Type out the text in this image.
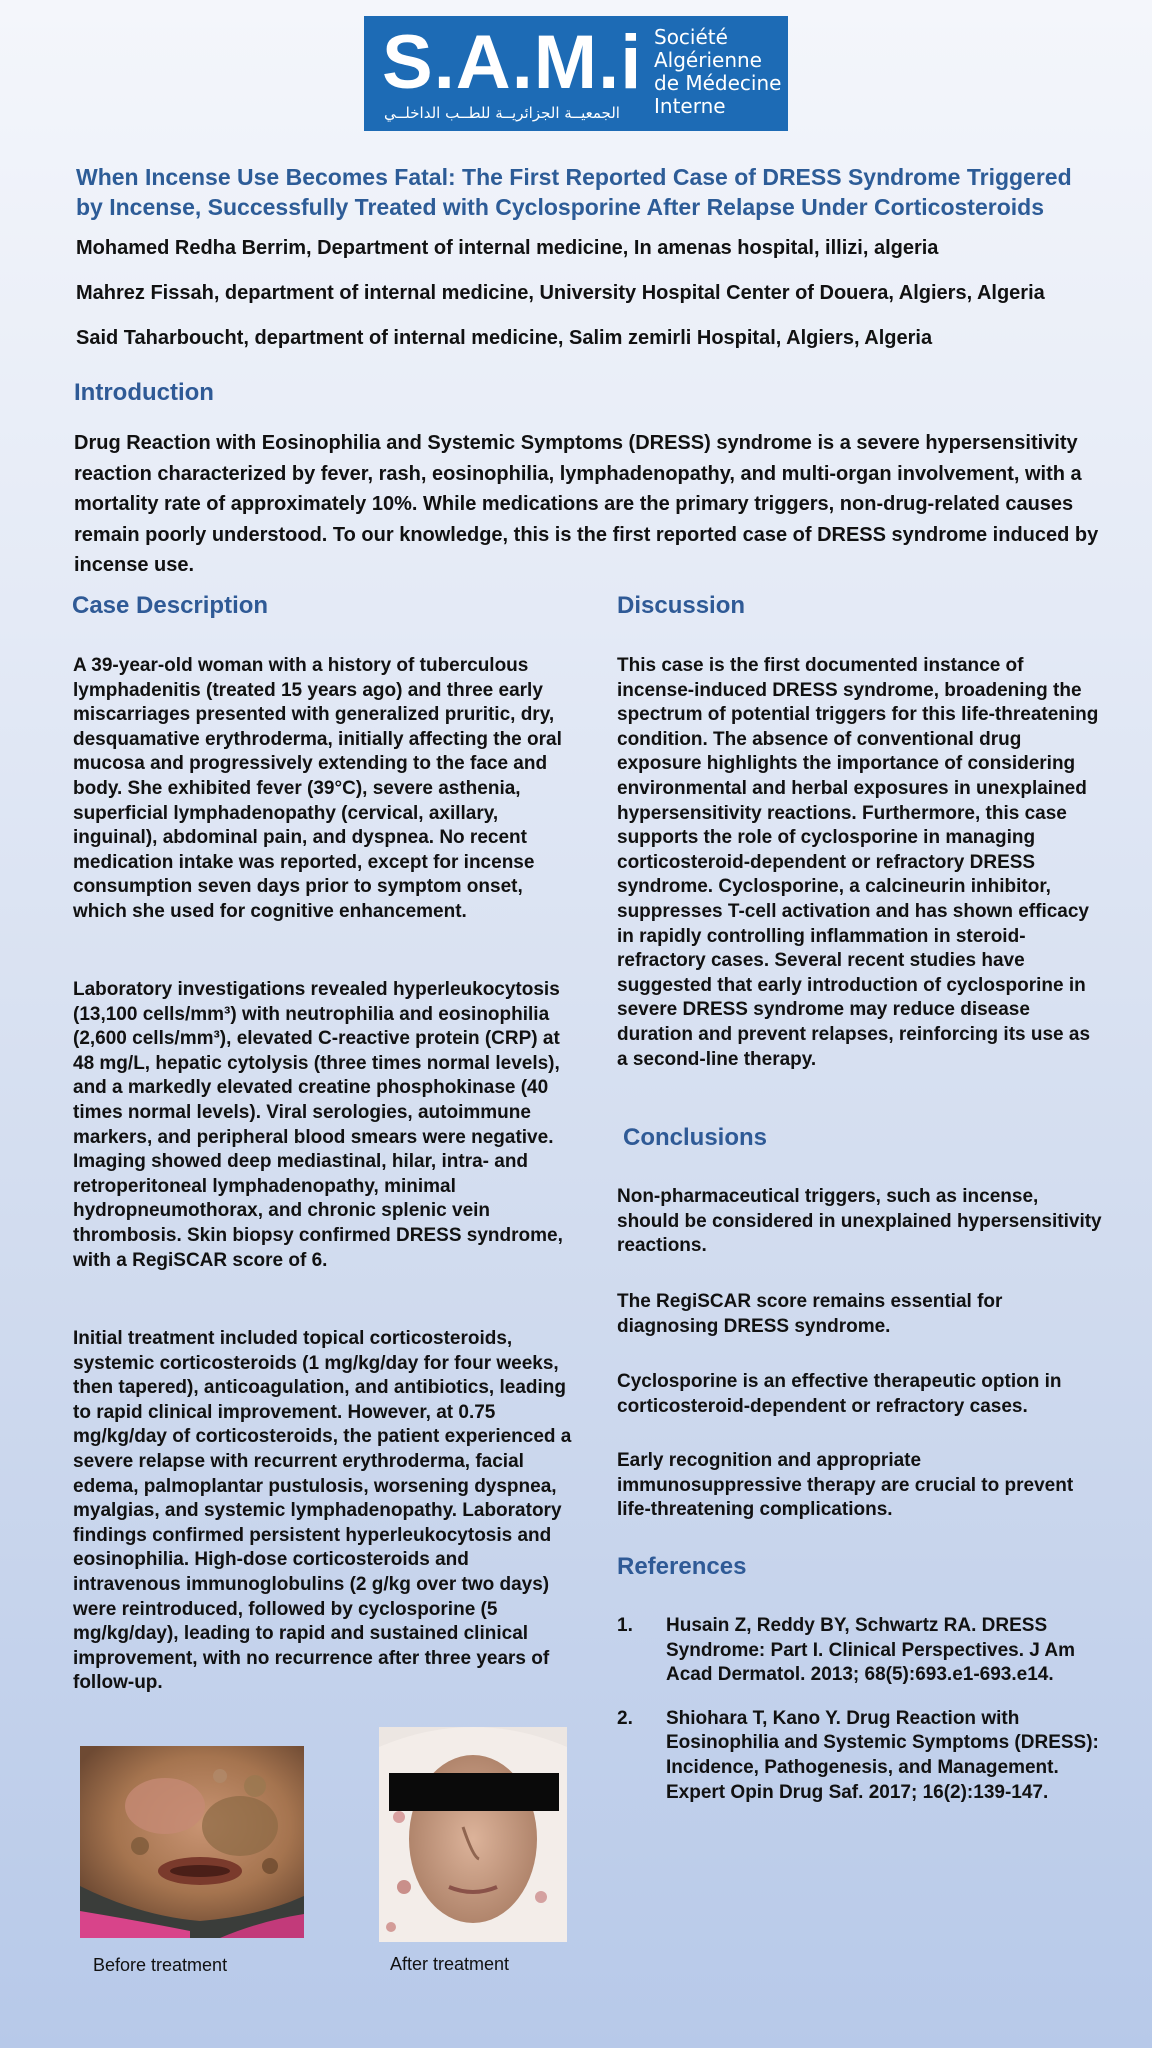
S.A.M.i
الجمعيــة الجزائريــة للطــب الداخلــي
Société
Algérienne
de Médecine
Interne
When Incense Use Becomes Fatal: The First Reported Case of DRESS Syndrome Triggered by Incense, Successfully Treated with Cyclosporine After Relapse Under Corticosteroids

Mohamed Redha Berrim, Department of internal medicine, In amenas hospital, illizi, algeria

Mahrez Fissah, department of internal medicine, University Hospital Center of Douera, Algiers, Algeria

Said Taharboucht, department of internal medicine, Salim zemirli Hospital, Algiers, Algeria

Introduction

Drug Reaction with Eosinophilia and Systemic Symptoms (DRESS) syndrome is a severe hypersensitivity reaction characterized by fever, rash, eosinophilia, lymphadenopathy, and multi-organ involvement, with a mortality rate of approximately 10%. While medications are the primary triggers, non-drug-related causes remain poorly understood. To our knowledge, this is the first reported case of DRESS syndrome induced by incense use.

Case Description

A 39-year-old woman with a history of tuberculous lymphadenitis (treated 15 years ago) and three early miscarriages presented with generalized pruritic, dry, desquamative erythroderma, initially affecting the oral mucosa and progressively extending to the face and body. She exhibited fever (39°C), severe asthenia, superficial lymphadenopathy (cervical, axillary, inguinal), abdominal pain, and dyspnea. No recent medication intake was reported, except for incense consumption seven days prior to symptom onset, which she used for cognitive enhancement.

Laboratory investigations revealed hyperleukocytosis (13,100 cells/mm³) with neutrophilia and eosinophilia (2,600 cells/mm³), elevated C-reactive protein (CRP) at 48 mg/L, hepatic cytolysis (three times normal levels), and a markedly elevated creatine phosphokinase (40 times normal levels). Viral serologies, autoimmune markers, and peripheral blood smears were negative. Imaging showed deep mediastinal, hilar, intra- and retroperitoneal lymphadenopathy, minimal hydropneumothorax, and chronic splenic vein thrombosis. Skin biopsy confirmed DRESS syndrome, with a RegiSCAR score of 6.

Initial treatment included topical corticosteroids, systemic corticosteroids (1 mg/kg/day for four weeks, then tapered), anticoagulation, and antibiotics, leading to rapid clinical improvement. However, at 0.75 mg/kg/day of corticosteroids, the patient experienced a severe relapse with recurrent erythroderma, facial edema, palmoplantar pustulosis, worsening dyspnea, myalgias, and systemic lymphadenopathy. Laboratory findings confirmed persistent hyperleukocytosis and eosinophilia. High-dose corticosteroids and intravenous immunoglobulins (2 g/kg over two days) were reintroduced, followed by cyclosporine (5 mg/kg/day), leading to rapid and sustained clinical improvement, with no recurrence after three years of follow-up.

Before treatment	After treatment

Discussion

This case is the first documented instance of incense-induced DRESS syndrome, broadening the spectrum of potential triggers for this life-threatening condition. The absence of conventional drug exposure highlights the importance of considering environmental and herbal exposures in unexplained hypersensitivity reactions. Furthermore, this case supports the role of cyclosporine in managing corticosteroid-dependent or refractory DRESS syndrome. Cyclosporine, a calcineurin inhibitor, suppresses T-cell activation and has shown efficacy in rapidly controlling inflammation in steroid-refractory cases. Several recent studies have suggested that early introduction of cyclosporine in severe DRESS syndrome may reduce disease duration and prevent relapses, reinforcing its use as a second-line therapy.

Conclusions

Non-pharmaceutical triggers, such as incense, should be considered in unexplained hypersensitivity reactions.

The RegiSCAR score remains essential for diagnosing DRESS syndrome.

Cyclosporine is an effective therapeutic option in corticosteroid-dependent or refractory cases.

Early recognition and appropriate immunosuppressive therapy are crucial to prevent life-threatening complications.

References
1. Husain Z, Reddy BY, Schwartz RA. DRESS Syndrome: Part I. Clinical Perspectives. J Am Acad Dermatol. 2013; 68(5):693.e1-693.e14.
2. Shiohara T, Kano Y. Drug Reaction with Eosinophilia and Systemic Symptoms (DRESS): Incidence, Pathogenesis, and Management. Expert Opin Drug Saf. 2017; 16(2):139-147.
